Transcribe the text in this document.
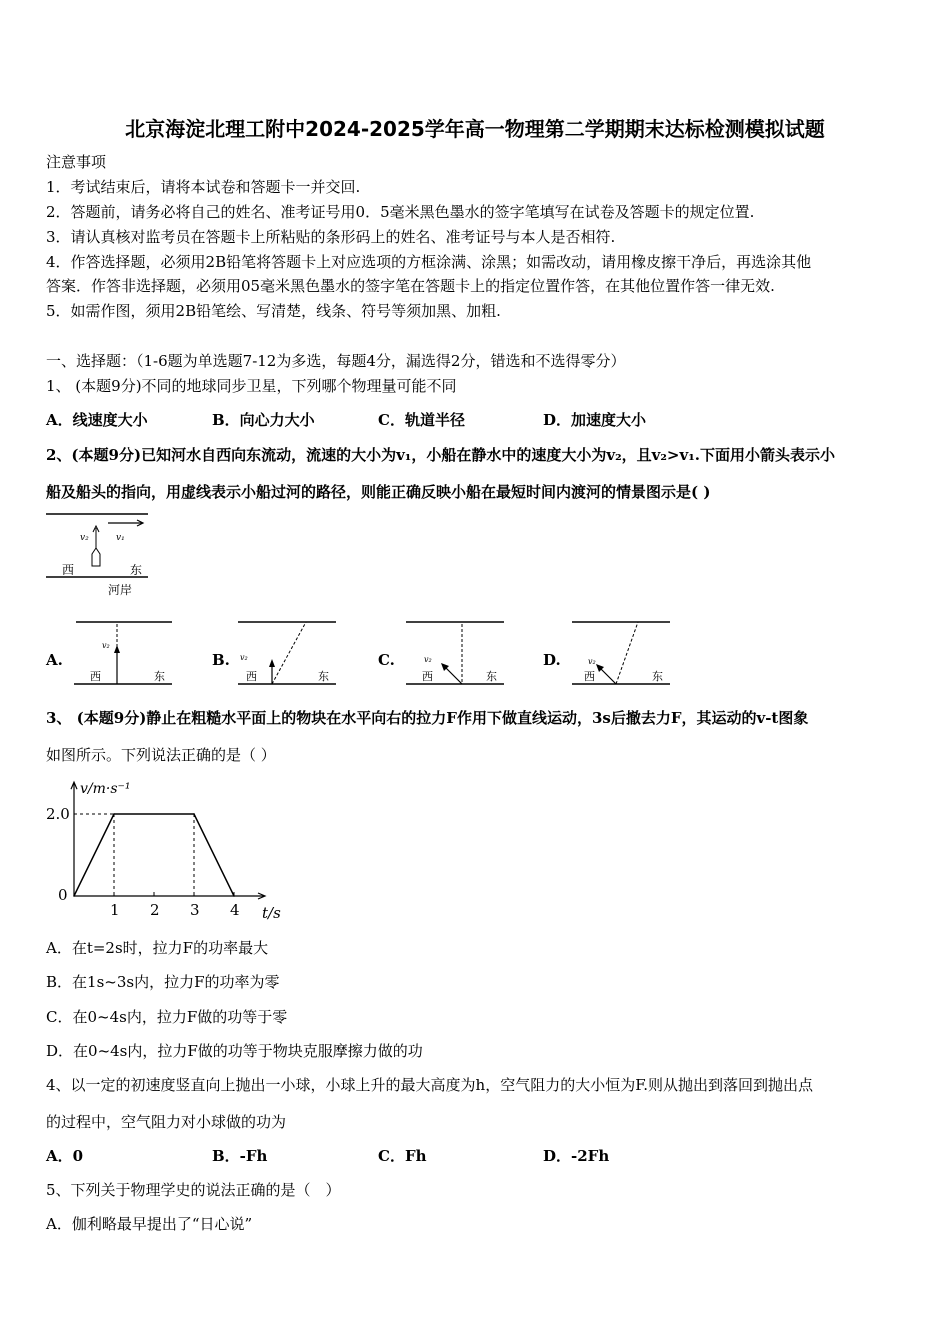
北京海淀北理工附中2024-2025学年高一物理第二学期期末达标检测模拟试题
注意事项
1．考试结束后，请将本试卷和答题卡一并交回.
2．答题前，请务必将自己的姓名、准考证号用0．5毫米黑色墨水的签字笔填写在试卷及答题卡的规定位置.
3．请认真核对监考员在答题卡上所粘贴的条形码上的姓名、准考证号与本人是否相符.
4．作答选择题，必须用2B铅笔将答题卡上对应选项的方框涂满、涂黑；如需改动，请用橡皮擦干净后，再选涂其他
答案．作答非选择题，必须用05毫米黑色墨水的签字笔在答题卡上的指定位置作答，在其他位置作答一律无效.
5．如需作图，须用2B铅笔绘、写清楚，线条、符号等须加黑、加粗.
一、选择题：（1-6题为单选题7-12为多选，每题4分，漏选得2分，错选和不选得零分）
1、 (本题9分)不同的地球同步卫星，下列哪个物理量可能不同
A．线速度大小	B．向心力大小	C．轨道半径	D．加速度大小
2、(本题9分)已知河水自西向东流动，流速的大小为v₁，小船在静水中的速度大小为v₂，且v₂>v₁.下面用小箭头表示小
船及船头的指向，用虚线表示小船过河的路径，则能正确反映小船在最短时间内渡河的情景图示是( )
v₂	v₁
西	东
河岸
A.
v₂
西	东
B. v₂
西	东
C.	v₂
西	东
D.	v₂
西	东
3、 (本题9分)静止在粗糙水平面上的物块在水平向右的拉力F作用下做直线运动，3s后撤去力F，其运动的v-t图象
如图所示。下列说法正确的是（ ）
v/m·s⁻¹
t/s
0
1 2 3 4
2.0
A．在t=2s时，拉力F的功率最大
B．在1s~3s内，拉力F的功率为零
C．在0~4s内，拉力F做的功等于零
D．在0~4s内，拉力F做的功等于物块克服摩擦力做的功
4、以一定的初速度竖直向上抛出一小球，小球上升的最大高度为h，空气阻力的大小恒为F.则从抛出到落回到抛出点
的过程中，空气阻力对小球做的功为
A．0	B．-Fh	C．Fh	D．-2Fh
5、下列关于物理学史的说法正确的是（　）
A．伽利略最早提出了“日心说”
